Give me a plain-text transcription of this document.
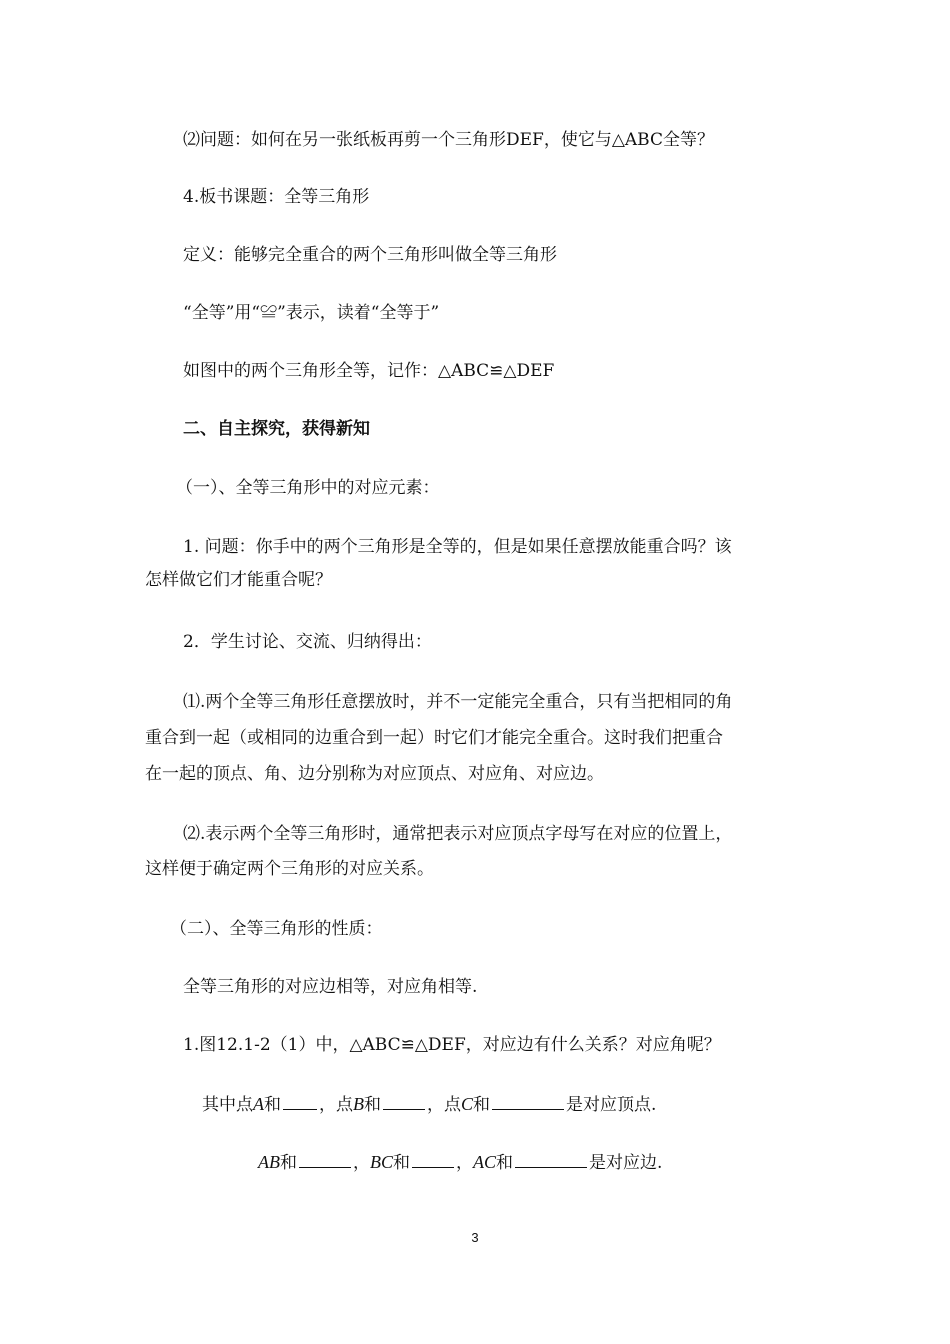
⑵问题：如何在另一张纸板再剪一个三角形DEF，使它与△ABC全等？
4.板书课题：全等三角形
定义：能够完全重合的两个三角形叫做全等三角形
“全等”用“≌”表示，读着“全等于”
如图中的两个三角形全等，记作：△ABC≌△DEF
二、自主探究，获得新知
（一）、全等三角形中的对应元素：
1. 问题：你手中的两个三角形是全等的，但是如果任意摆放能重合吗？该
怎样做它们才能重合呢？
2．学生讨论、交流、归纳得出：
⑴.两个全等三角形任意摆放时，并不一定能完全重合，只有当把相同的角
重合到一起（或相同的边重合到一起）时它们才能完全重合。这时我们把重合
在一起的顶点、角、边分别称为对应顶点、对应角、对应边。
⑵.表示两个全等三角形时，通常把表示对应顶点字母写在对应的位置上，
这样便于确定两个三角形的对应关系。
（二）、全等三角形的性质：
全等三角形的对应边相等，对应角相等.
1.图12.1-2（1）中，△ABC≌△DEF，对应边有什么关系？对应角呢？
其中点A和 ，点B和	，点C和	是对应顶点.
AB和	，BC和	，AC和	是对应边.
3
